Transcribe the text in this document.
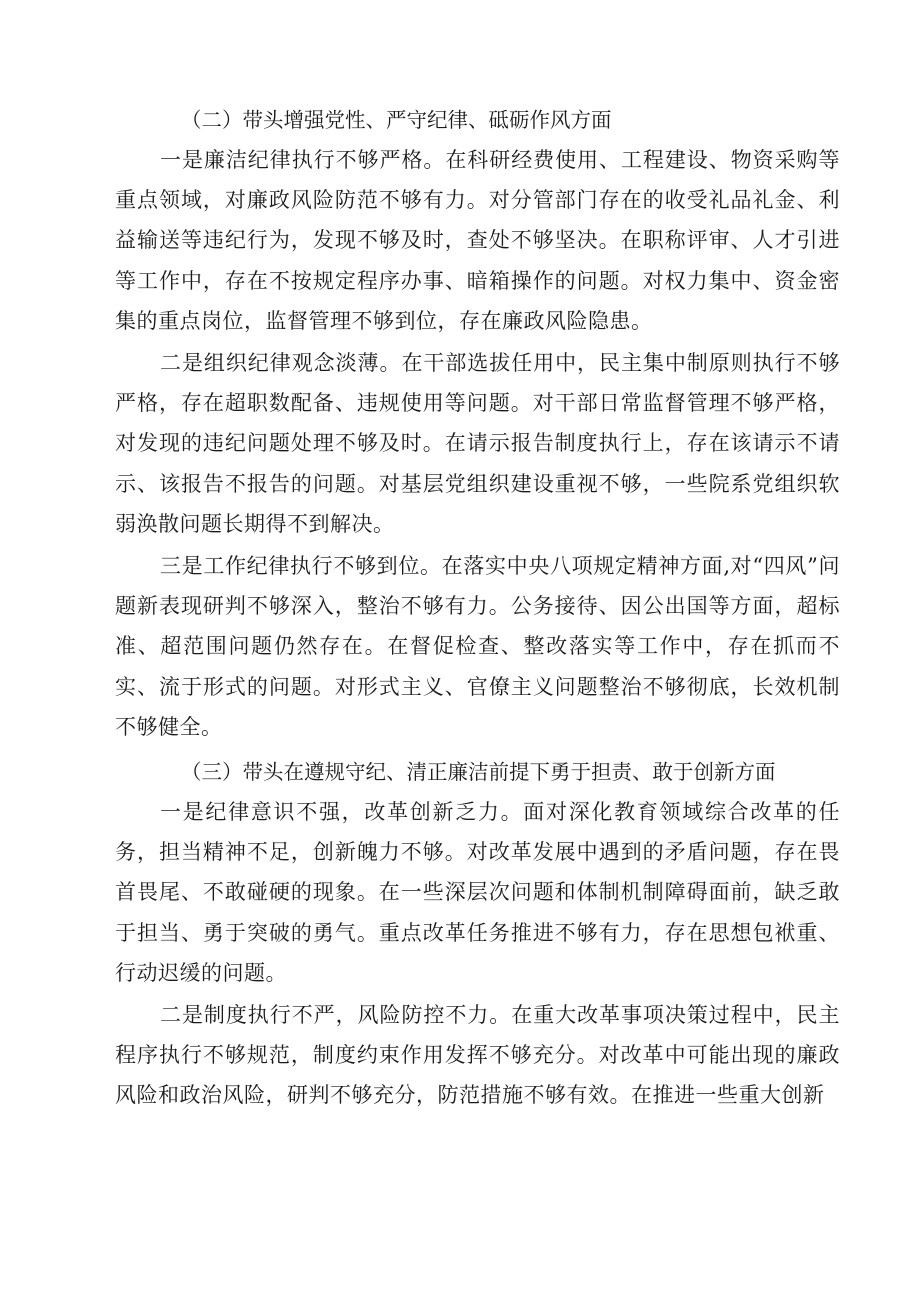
（二）带头增强党性、严守纪律、砥砺作风方面

一是廉洁纪律执行不够严格。在科研经费使用、工程建设、物资采购等重点领域，对廉政风险防范不够有力。对分管部门存在的收受礼品礼金、利益输送等违纪行为，发现不够及时，查处不够坚决。在职称评审、人才引进等工作中，存在不按规定程序办事、暗箱操作的问题。对权力集中、资金密集的重点岗位，监督管理不够到位，存在廉政风险隐患。

二是组织纪律观念淡薄。在干部选拔任用中，民主集中制原则执行不够严格，存在超职数配备、违规使用等问题。对干部日常监督管理不够严格，对发现的违纪问题处理不够及时。在请示报告制度执行上，存在该请示不请示、该报告不报告的问题。对基层党组织建设重视不够，一些院系党组织软弱涣散问题长期得不到解决。

三是工作纪律执行不够到位。在落实中央八项规定精神方面,对“四风”问题新表现研判不够深入，整治不够有力。公务接待、因公出国等方面，超标准、超范围问题仍然存在。在督促检查、整改落实等工作中，存在抓而不实、流于形式的问题。对形式主义、官僚主义问题整治不够彻底，长效机制不够健全。

（三）带头在遵规守纪、清正廉洁前提下勇于担责、敢于创新方面

一是纪律意识不强，改革创新乏力。面对深化教育领域综合改革的任务，担当精神不足，创新魄力不够。对改革发展中遇到的矛盾问题，存在畏首畏尾、不敢碰硬的现象。在一些深层次问题和体制机制障碍面前，缺乏敢于担当、勇于突破的勇气。重点改革任务推进不够有力，存在思想包袱重、行动迟缓的问题。

二是制度执行不严，风险防控不力。在重大改革事项决策过程中，民主程序执行不够规范，制度约束作用发挥不够充分。对改革中可能出现的廉政风险和政治风险，研判不够充分，防范措施不够有效。在推进一些重大创新
